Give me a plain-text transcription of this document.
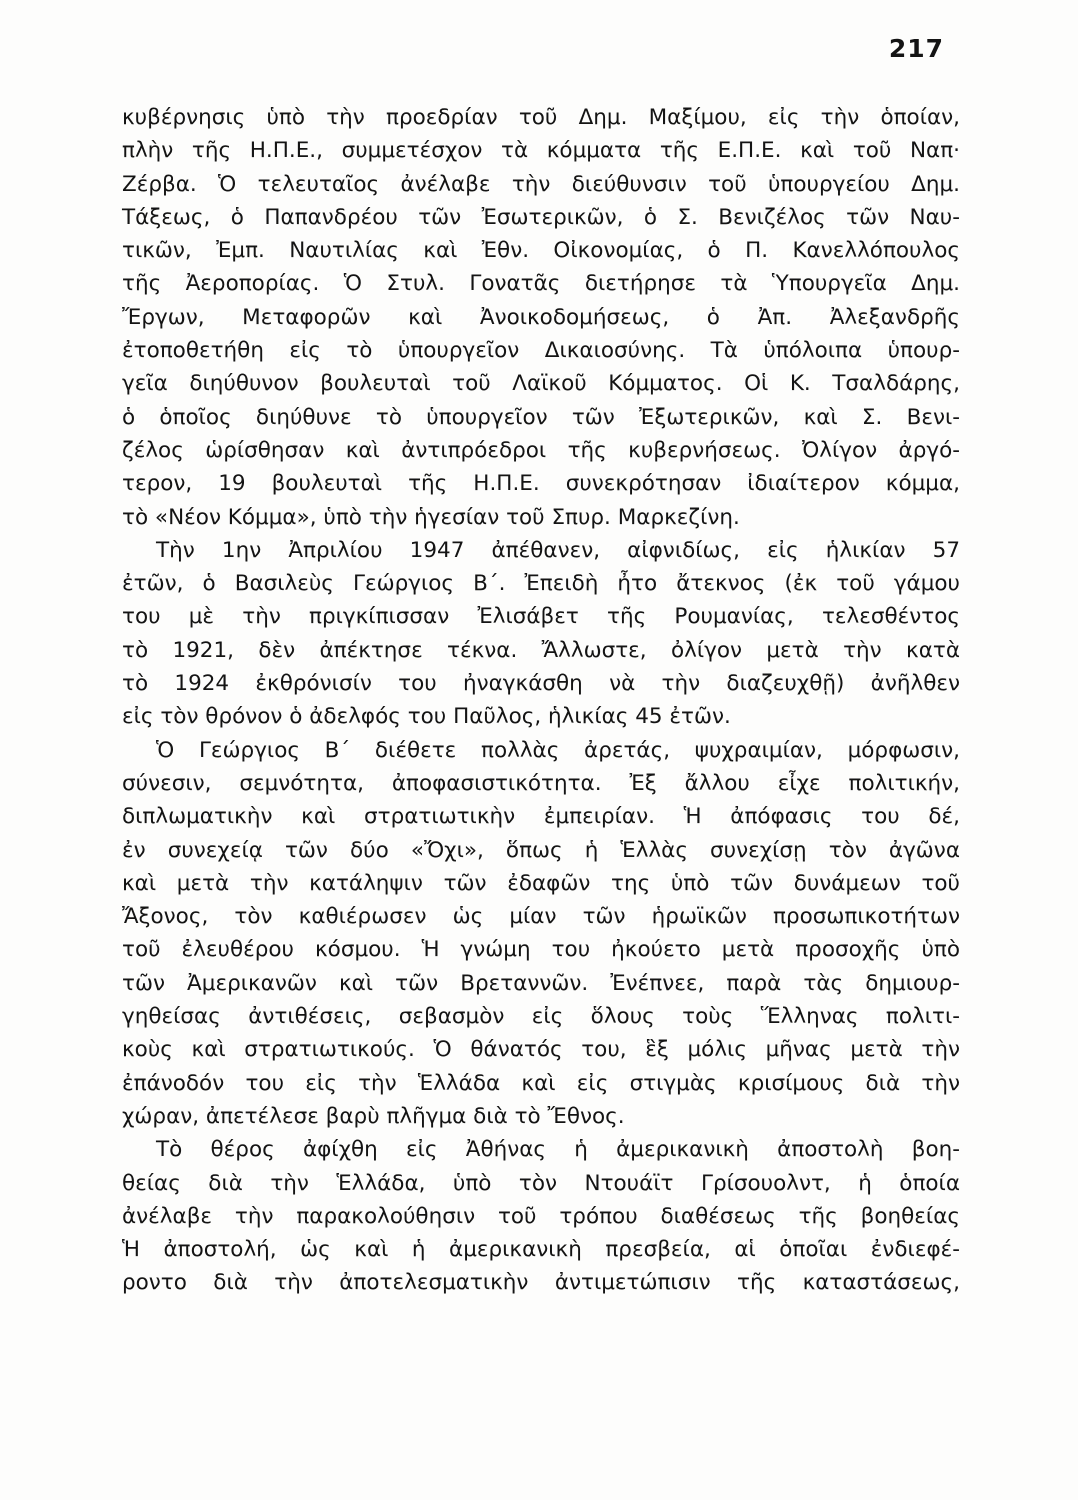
217
κυβέρνησις ὑπὸ τὴν προεδρίαν τοῦ Δημ. Μαξίμου, εἰς τὴν ὁποίαν,
πλὴν τῆς Η.Π.Ε., συμμετέσχον τὰ κόμματα τῆς Ε.Π.Ε. καὶ τοῦ Ναπ·
Ζέρβα. Ὁ τελευταῖος ἀνέλαβε τὴν διεύθυνσιν τοῦ ὑπουργείου Δημ.
Τάξεως, ὁ Παπανδρέου τῶν Ἐσωτερικῶν, ὁ Σ. Βενιζέλος τῶν Ναυ-
τικῶν, Ἐμπ. Ναυτιλίας καὶ Ἐθν. Οἰκονομίας, ὁ Π. Κανελλόπουλος
τῆς Ἀεροπορίας. Ὁ Στυλ. Γονατᾶς διετήρησε τὰ Ὑπουργεῖα Δημ.
Ἔργων, Μεταφορῶν καὶ Ἀνοικοδομήσεως, ὁ Ἀπ. Ἀλεξανδρῆς
ἐτοποθετήθη εἰς τὸ ὑπουργεῖον Δικαιοσύνης. Τὰ ὑπόλοιπα ὑπουρ-
γεῖα διηύθυνον βουλευταὶ τοῦ Λαϊκοῦ Κόμματος. Οἱ Κ. Τσαλδάρης,
ὁ ὁποῖος διηύθυνε τὸ ὑπουργεῖον τῶν Ἐξωτερικῶν, καὶ Σ. Βενι-
ζέλος ὡρίσθησαν καὶ ἀντιπρόεδροι τῆς κυβερνήσεως. Ὀλίγον ἀργό-
τερον, 19 βουλευταὶ τῆς Η.Π.Ε. συνεκρότησαν ἰδιαίτερον κόμμα,
τὸ «Νέον Κόμμα», ὑπὸ τὴν ἡγεσίαν τοῦ Σπυρ. Μαρκεζίνη.
Τὴν 1ην Ἀπριλίου 1947 ἀπέθανεν, αἰφνιδίως, εἰς ἡλικίαν 57
ἐτῶν, ὁ Βασιλεὺς Γεώργιος Β΄. Ἐπειδὴ ἦτο ἄτεκνος (ἐκ τοῦ γάμου
του μὲ τὴν πριγκίπισσαν Ἐλισάβετ τῆς Ρουμανίας, τελεσθέντος
τὸ 1921, δὲν ἀπέκτησε τέκνα. Ἄλλωστε, ὀλίγον μετὰ τὴν κατὰ
τὸ 1924 ἐκθρόνισίν του ἠναγκάσθη νὰ τὴν διαζευχθῇ) ἀνῆλθεν
εἰς τὸν θρόνον ὁ ἀδελφός του Παῦλος, ἡλικίας 45 ἐτῶν.
Ὁ Γεώργιος Β΄ διέθετε πολλὰς ἀρετάς, ψυχραιμίαν, μόρφωσιν,
σύνεσιν, σεμνότητα, ἀποφασιστικότητα. Ἐξ ἄλλου εἶχε πολιτικήν,
διπλωματικὴν καὶ στρατιωτικὴν ἐμπειρίαν. Ἡ ἀπόφασις του δέ,
ἐν συνεχείᾳ τῶν δύο «Ὄχι», ὅπως ἡ Ἑλλὰς συνεχίσῃ τὸν ἀγῶνα
καὶ μετὰ τὴν κατάληψιν τῶν ἐδαφῶν της ὑπὸ τῶν δυνάμεων τοῦ
Ἄξονος, τὸν καθιέρωσεν ὡς μίαν τῶν ἡρωϊκῶν προσωπικοτήτων
τοῦ ἐλευθέρου κόσμου. Ἡ γνώμη του ἠκούετο μετὰ προσοχῆς ὑπὸ
τῶν Ἀμερικανῶν καὶ τῶν Βρεταννῶν. Ἐνέπνεε, παρὰ τὰς δημιουρ-
γηθείσας ἀντιθέσεις, σεβασμὸν εἰς ὅλους τοὺς Ἕλληνας πολιτι-
κοὺς καὶ στρατιωτικούς. Ὁ θάνατός του, ἓξ μόλις μῆνας μετὰ τὴν
ἐπάνοδόν του εἰς τὴν Ἑλλάδα καὶ εἰς στιγμὰς κρισίμους διὰ τὴν
χώραν, ἀπετέλεσε βαρὺ πλῆγμα διὰ τὸ Ἔθνος.
Τὸ θέρος ἀφίχθη εἰς Ἀθήνας ἡ ἀμερικανικὴ ἀποστολὴ βοη-
θείας διὰ τὴν Ἑλλάδα, ὑπὸ τὸν Ντουάϊτ Γρίσουολντ, ἡ ὁποία
ἀνέλαβε τὴν παρακολούθησιν τοῦ τρόπου διαθέσεως τῆς βοηθείας
Ἡ ἀποστολή, ὡς καὶ ἡ ἀμερικανικὴ πρεσβεία, αἱ ὁποῖαι ἐνδιεφέ-
ροντο διὰ τὴν ἀποτελεσματικὴν ἀντιμετώπισιν τῆς καταστάσεως,
